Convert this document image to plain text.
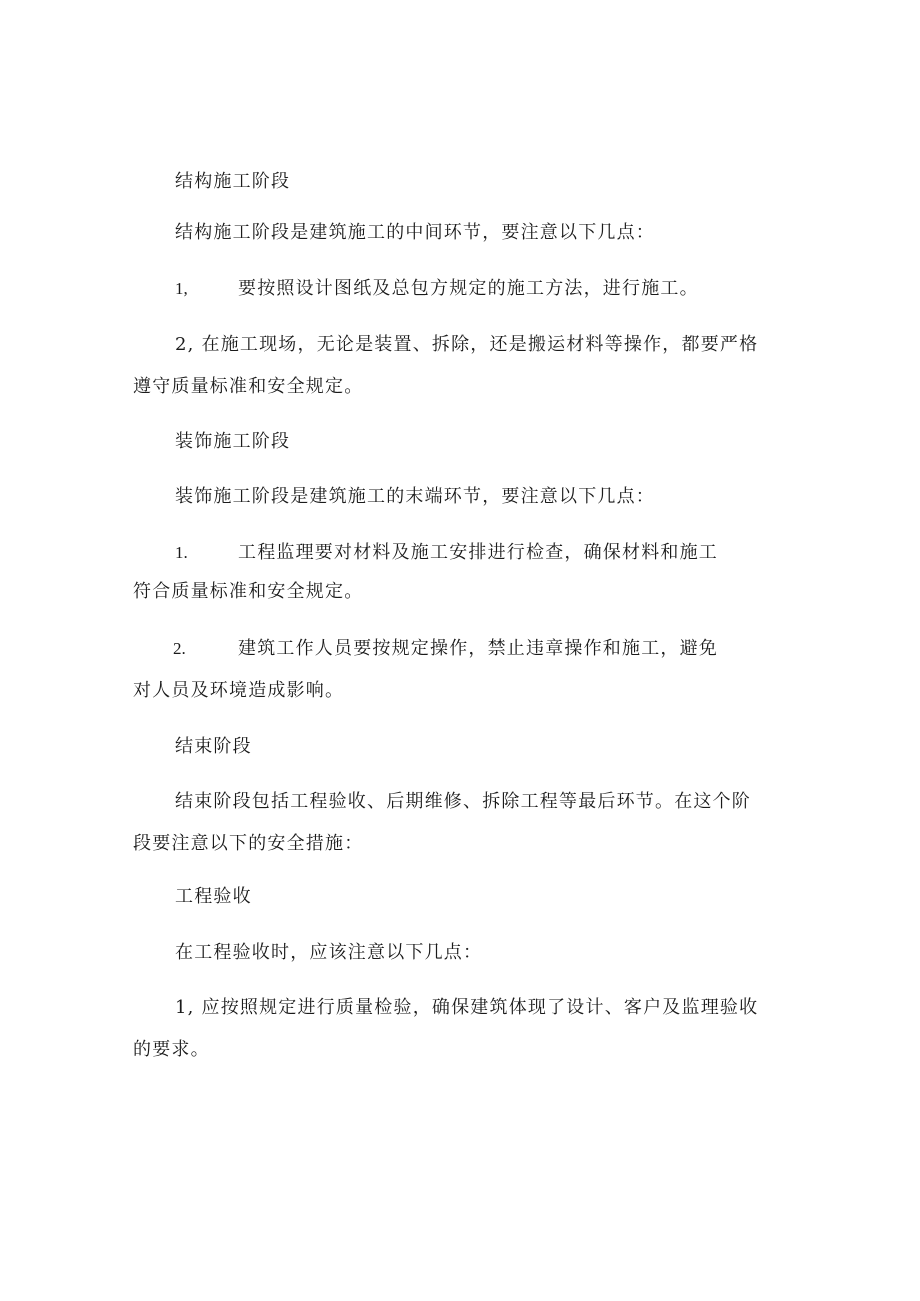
结构施工阶段
结构施工阶段是建筑施工的中间环节，要注意以下几点：
1,	要按照设计图纸及总包方规定的施工方法，进行施工。
2, 在施工现场，无论是装置、拆除，还是搬运材料等操作，都要严格
遵守质量标准和安全规定。
装饰施工阶段
装饰施工阶段是建筑施工的末端环节，要注意以下几点：
1.	工程监理要对材料及施工安排进行检查，确保材料和施工
符合质量标准和安全规定。
2.	建筑工作人员要按规定操作，禁止违章操作和施工，避免
对人员及环境造成影响。
结束阶段
结束阶段包括工程验收、后期维修、拆除工程等最后环节。在这个阶
段要注意以下的安全措施：
工程验收
在工程验收时，应该注意以下几点：
1, 应按照规定进行质量检验，确保建筑体现了设计、客户及监理验收
的要求。
